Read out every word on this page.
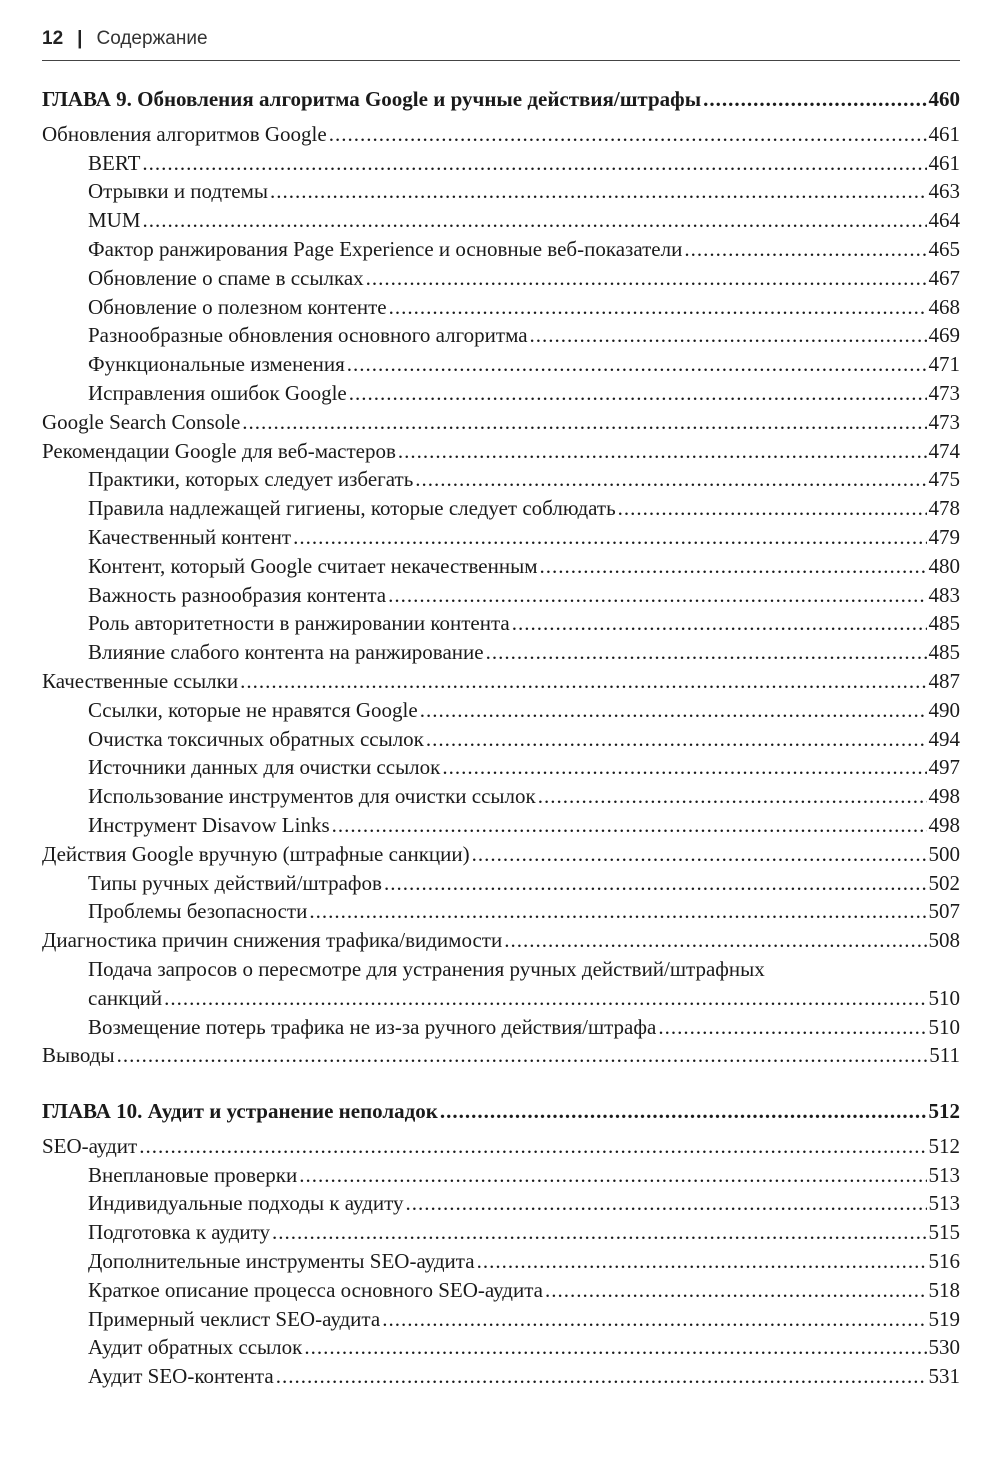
12 | Содержание
ГЛАВА 9. Обновления алгоритма Google и ручные действия/штрафы .....	460
Обновления алгоритмов Google .....	461
BERT .....	461
Отрывки и подтемы .....	463
MUM .....	464
Фактор ранжирования Page Experience и основные веб-показатели .....	465
Обновление о спаме в ссылках .....	467
Обновление о полезном контенте .....	468
Разнообразные обновления основного алгоритма .....	469
Функциональные изменения .....	471
Исправления ошибок Google .....	473
Google Search Console .....	473
Рекомендации Google для веб-мастеров .....	474
Практики, которых следует избегать .....	475
Правила надлежащей гигиены, которые следует соблюдать .....	478
Качественный контент .....	479
Контент, который Google считает некачественным .....	480
Важность разнообразия контента .....	483
Роль авторитетности в ранжировании контента .....	485
Влияние слабого контента на ранжирование .....	485
Качественные ссылки .....	487
Ссылки, которые не нравятся Google .....	490
Очистка токсичных обратных ссылок .....	494
Источники данных для очистки ссылок .....	497
Использование инструментов для очистки ссылок .....	498
Инструмент Disavow Links .....	498
Действия Google вручную (штрафные санкции) .....	500
Типы ручных действий/штрафов .....	502
Проблемы безопасности .....	507
Диагностика причин снижения трафика/видимости .....	508
Подача запросов о пересмотре для устранения ручных действий/штрафных
санкций .....	510
Возмещение потерь трафика не из-за ручного действия/штрафа .....	510
Выводы .....	511
ГЛАВА 10. Аудит и устранение неполадок .....	512
SEO-аудит .....	512
Внеплановые проверки .....	513
Индивидуальные подходы к аудиту .....	513
Подготовка к аудиту .....	515
Дополнительные инструменты SEO-аудита .....	516
Краткое описание процесса основного SEO-аудита .....	518
Примерный чеклист SEO-аудита .....	519
Аудит обратных ссылок .....	530
Аудит SEO-контента .....	531
